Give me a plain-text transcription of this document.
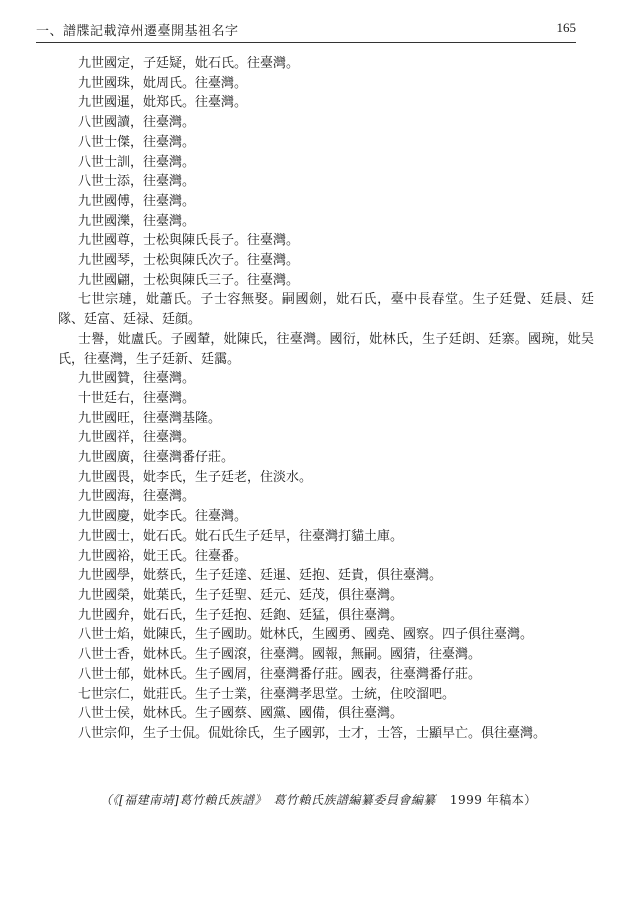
一、譜牒記載漳州遷臺開基祖名字	165
九世國定，子廷疑，妣石氏。往臺灣。
九世國珠，妣周氏。往臺灣。
九世國暹，妣郑氏。往臺灣。
八世國讀，往臺灣。
八世士傑，往臺灣。
八世士訓，往臺灣。
八世士添，往臺灣。
九世國傅，往臺灣。
九世國濼，往臺灣。
九世國尊，士松與陳氏長子。往臺灣。
九世國琴，士松與陳氏次子。往臺灣。
九世國翩，士松與陳氏三子。往臺灣。
七世宗璉，妣蕭氏。子士容無娶。嗣國劍，妣石氏，臺中長春堂。生子廷覺、廷晨、廷隊、廷富、廷禄、廷顔。
士譽，妣盧氏。子國輦，妣陳氏，往臺灣。國衍，妣林氏，生子廷朗、廷寨。國琬，妣吴氏，往臺灣，生子廷新、廷靄。
九世國贊，往臺灣。
十世廷右，往臺灣。
九世國旺，往臺灣基隆。
九世國祥，往臺灣。
九世國廣，往臺灣番仔莊。
九世國畏，妣李氏，生子廷老，住淡水。
九世國海，往臺灣。
九世國慶，妣李氏。往臺灣。
九世國士，妣石氏。妣石氏生子廷早，往臺灣打貓土庫。
九世國裕，妣王氏。往臺番。
九世國學，妣蔡氏，生子廷達、廷暹、廷抱、廷貴，俱往臺灣。
九世國榮，妣葉氏，生子廷聖、廷元、廷茂，俱往臺灣。
九世國弁，妣石氏，生子廷抱、廷鉋、廷猛，俱往臺灣。
八世士焰，妣陳氏，生子國助。妣林氏，生國勇、國堯、國察。四子俱往臺灣。
八世士香，妣林氏。生子國滾，往臺灣。國報，無嗣。國猜，往臺灣。
八世士郁，妣林氏。生子國屑，往臺灣番仔莊。國表，往臺灣番仔莊。
七世宗仁，妣莊氏。生子士業，往臺灣孝思堂。士統，住咬溜吧。
八世士侯，妣林氏。生子國蔡、國黨、國備，俱往臺灣。
八世宗仰，生子士侃。侃妣徐氏，生子國郭，士才，士答，士顯早亡。俱往臺灣。
（《[福建南靖]葛竹賴氏族譜》　葛竹賴氏族譜編纂委員會編纂 1999 年稿本）
